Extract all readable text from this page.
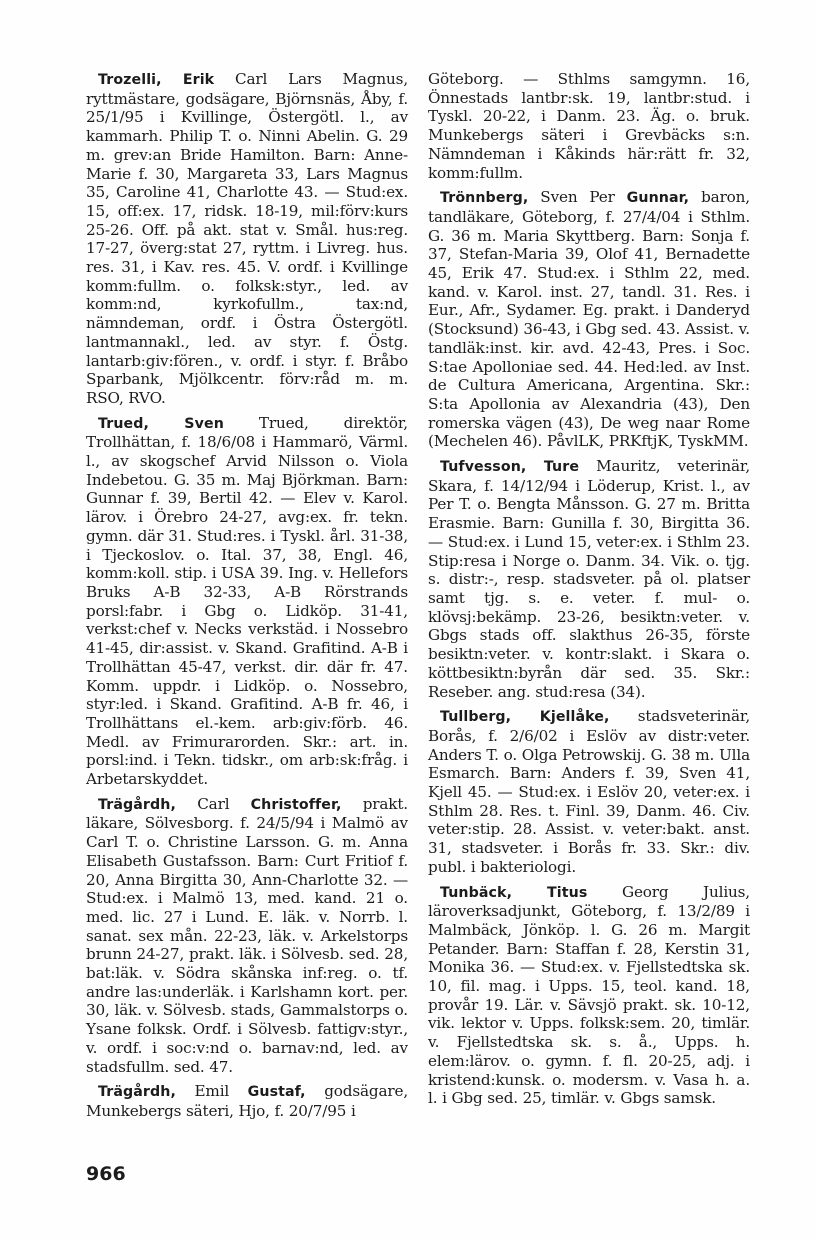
Trozelli, Erik Carl Lars Magnus, ryttmästare, godsägare, Björnsnäs, Åby, f. 25/1/95 i Kvillinge, Östergötl. l., av kammarh. Philip T. o. Ninni Abelin. G. 29 m. grev:an Bride Hamilton. Barn: Anne-Marie f. 30, Margareta 33, Lars Magnus 35, Caroline 41, Charlotte 43. — Stud:ex. 15, off:ex. 17, ridsk. 18-19, mil:förv:kurs 25-26. Off. på akt. stat v. Smål. hus:reg. 17-27, överg:stat 27, ryttm. i Livreg. hus. res. 31, i Kav. res. 45. V. ordf. i Kvillinge komm:fullm. o. folksk:styr., led. av komm:nd, kyrkofullm., tax:nd, nämndeman, ordf. i Östra Östergötl. lantmannakl., led. av styr. f. Östg. lantarb:giv:fören., v. ordf. i styr. f. Bråbo Sparbank, Mjölkcentr. förv:råd m. m. RSO, RVO.

Trued, Sven Trued, direktör, Trollhättan, f. 18/6/08 i Hammarö, Värml. l., av skogschef Arvid Nilsson o. Viola Indebetou. G. 35 m. Maj Björkman. Barn: Gunnar f. 39, Bertil 42. — Elev v. Karol. lärov. i Örebro 24-27, avg:ex. fr. tekn. gymn. där 31. Stud:res. i Tyskl. årl. 31-38, i Tjeckoslov. o. Ital. 37, 38, Engl. 46, komm:koll. stip. i USA 39. Ing. v. Hellefors Bruks A-B 32-33, A-B Rörstrands porsl:fabr. i Gbg o. Lidköp. 31-41, verkst:chef v. Necks verkstäd. i Nossebro 41-45, dir:assist. v. Skand. Grafitind. A-B i Trollhättan 45-47, verkst. dir. där fr. 47. Komm. uppdr. i Lidköp. o. Nossebro, styr:led. i Skand. Grafitind. A-B fr. 46, i Trollhättans el.-kem. arb:giv:förb. 46. Medl. av Frimurarorden. Skr.: art. in. porsl:ind. i Tekn. tidskr., om arb:sk:fråg. i Arbetarskyddet.

Trägårdh, Carl Christoffer, prakt. läkare, Sölvesborg. f. 24/5/94 i Malmö av Carl T. o. Christine Larsson. G. m. Anna Elisabeth Gustafsson. Barn: Curt Fritiof f. 20, Anna Birgitta 30, Ann-Charlotte 32. — Stud:ex. i Malmö 13, med. kand. 21 o. med. lic. 27 i Lund. E. läk. v. Norrb. l. sanat. sex mån. 22-23, läk. v. Arkelstorps brunn 24-27, prakt. läk. i Sölvesb. sed. 28, bat:läk. v. Södra skånska inf:reg. o. tf. andre las:underläk. i Karlshamn kort. per. 30, läk. v. Sölvesb. stads, Gammalstorps o. Ysane folksk. Ordf. i Sölvesb. fattigv:styr., v. ordf. i soc:v:nd o. barnav:nd, led. av stadsfullm. sed. 47.

Trägårdh, Emil Gustaf, godsägare, Munkebergs säteri, Hjo, f. 20/7/95 i

Göteborg. — Sthlms samgymn. 16, Önnestads lantbr:sk. 19, lantbr:stud. i Tyskl. 20-22, i Danm. 23. Äg. o. bruk. Munkebergs säteri i Grevbäcks s:n. Nämndeman i Kåkinds här:rätt fr. 32, komm:fullm.

Trönnberg, Sven Per Gunnar, baron, tandläkare, Göteborg, f. 27/4/04 i Sthlm. G. 36 m. Maria Skyttberg. Barn: Sonja f. 37, Stefan-Maria 39, Olof 41, Bernadette 45, Erik 47. Stud:ex. i Sthlm 22, med. kand. v. Karol. inst. 27, tandl. 31. Res. i Eur., Afr., Sydamer. Eg. prakt. i Danderyd (Stocksund) 36-43, i Gbg sed. 43. Assist. v. tandläk:inst. kir. avd. 42-43, Pres. i Soc. S:tae Apolloniae sed. 44. Hed:led. av Inst. de Cultura Americana, Argentina. Skr.: S:ta Apollonia av Alexandria (43), Den romerska vägen (43), De weg naar Rome (Mechelen 46). PåvlLK, PRKftjK, TyskMM.

Tufvesson, Ture Mauritz, veterinär, Skara, f. 14/12/94 i Löderup, Krist. l., av Per T. o. Bengta Månsson. G. 27 m. Britta Erasmie. Barn: Gunilla f. 30, Birgitta 36. — Stud:ex. i Lund 15, veter:ex. i Sthlm 23. Stip:resa i Norge o. Danm. 34. Vik. o. tjg. s. distr:-, resp. stadsveter. på ol. platser samt tjg. s. e. veter. f. mul- o. klövsj:bekämp. 23-26, besiktn:veter. v. Gbgs stads off. slakthus 26-35, förste besiktn:veter. v. kontr:slakt. i Skara o. köttbesiktn:byrån där sed. 35. Skr.: Reseber. ang. stud:resa (34).

Tullberg, Kjellåke, stadsveterinär, Borås, f. 2/6/02 i Eslöv av distr:veter. Anders T. o. Olga Petrowskij. G. 38 m. Ulla Esmarch. Barn: Anders f. 39, Sven 41, Kjell 45. — Stud:ex. i Eslöv 20, veter:ex. i Sthlm 28. Res. t. Finl. 39, Danm. 46. Civ. veter:stip. 28. Assist. v. veter:bakt. anst. 31, stadsveter. i Borås fr. 33. Skr.: div. publ. i bakteriologi.

Tunbäck, Titus Georg Julius, läroverksadjunkt, Göteborg, f. 13/2/89 i Malmbäck, Jönköp. l. G. 26 m. Margit Petander. Barn: Staffan f. 28, Kerstin 31, Monika 36. — Stud:ex. v. Fjellstedtska sk. 10, fil. mag. i Upps. 15, teol. kand. 18, provår 19. Lär. v. Sävsjö prakt. sk. 10-12, vik. lektor v. Upps. folksk:sem. 20, timlär. v. Fjellstedtska sk. s. å., Upps. h. elem:lärov. o. gymn. f. fl. 20-25, adj. i kristend:kunsk. o. modersm. v. Vasa h. a. l. i Gbg sed. 25, timlär. v. Gbgs samsk.

966
